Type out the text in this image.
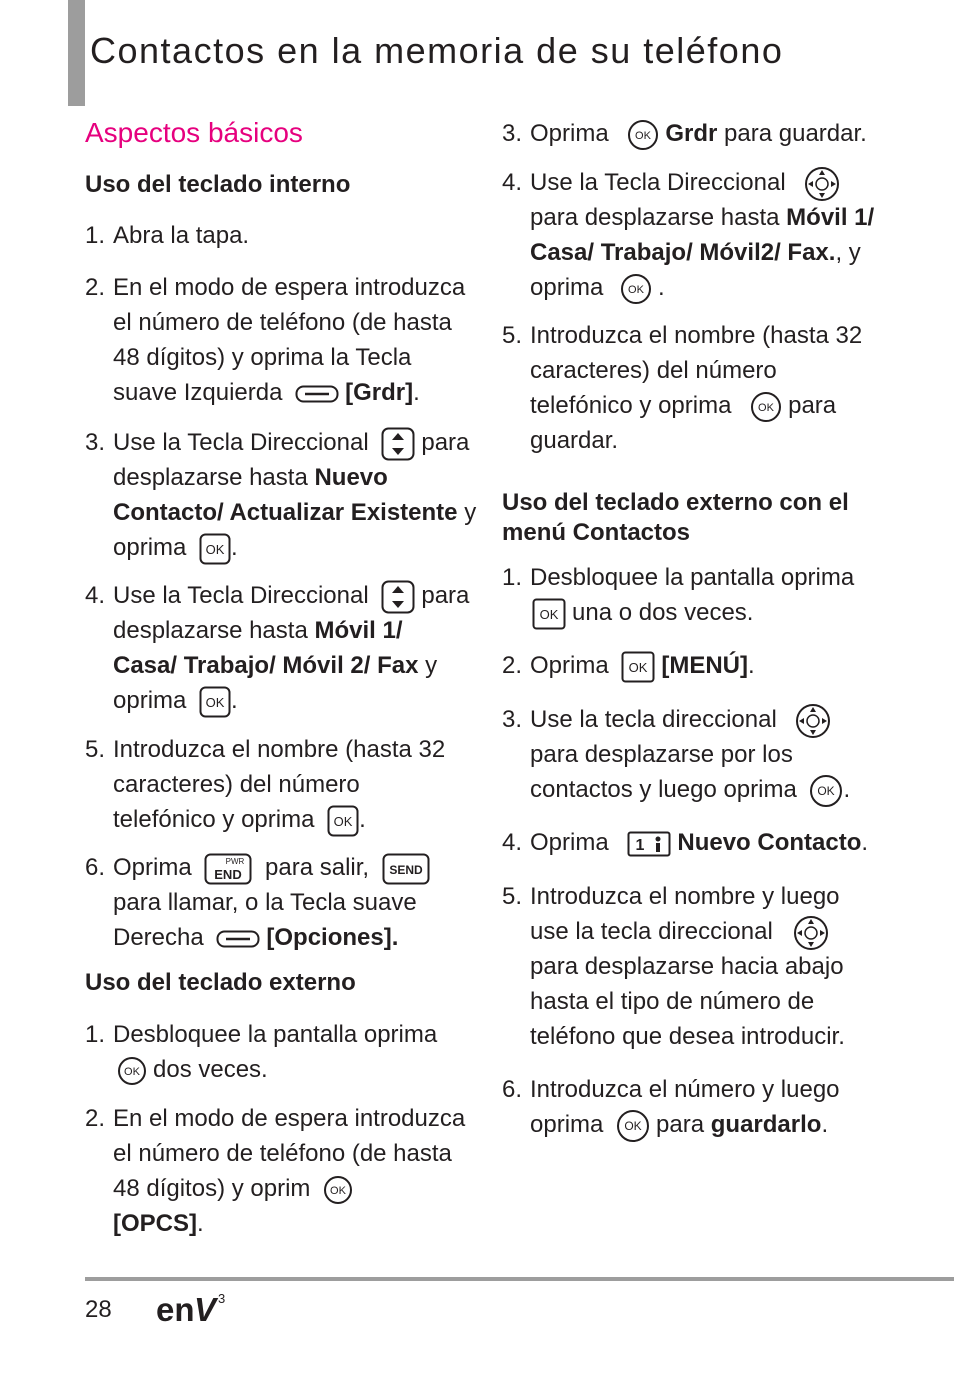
Contactos en la memoria de su teléfono
Aspectos básicos
Uso del teclado interno
1. Abra la tapa.
2. En el modo de espera introduzca
el número de teléfono (de hasta
48 dígitos) y oprima la Tecla
suave Izquierda	[Grdr].
3. Use la Tecla Direccional para
desplazarse hasta Nuevo
Contacto/ Actualizar Existente y
oprima OK .
4. Use la Tecla Direccional para
desplazarse hasta Móvil 1/
Casa/ Trabajo/ Móvil 2/ Fax y
oprima OK .
5. Introduzca el nombre (hasta 32
caracteres) del número
telefónico y oprima OK .
6. Oprima	PWR
END para salir, SEND
para llamar, o la Tecla suave
Derecha	[Opciones].
Uso del teclado externo
1. Desbloquee la pantalla oprima
OK dos veces.
2. En el modo de espera introduzca
el número de teléfono (de hasta
48 dígitos) y oprim OK
[OPCS].
3. Oprima OK Grdr para guardar.
4. Use la Tecla Direccional
para desplazarse hasta Móvil 1/
Casa/ Trabajo/ Móvil2/ Fax., y
oprima OK .
5. Introduzca el nombre (hasta 32
caracteres) del número
telefónico y oprima OK para
guardar.
Uso del teclado externo con el
menú Contactos
1. Desbloquee la pantalla oprima
OK una o dos veces.
2. Oprima OK [MENÚ].
3. Use la tecla direccional
para desplazarse por los
contactos y luego oprima OK .
4. Oprima 1 Nuevo Contacto.
5. Introduzca el nombre y luego
use la tecla direccional
para desplazarse hacia abajo
hasta el tipo de número de
teléfono que desea introducir.
6. Introduzca el número y luego
oprima OK para guardarlo.
28 en V 3
